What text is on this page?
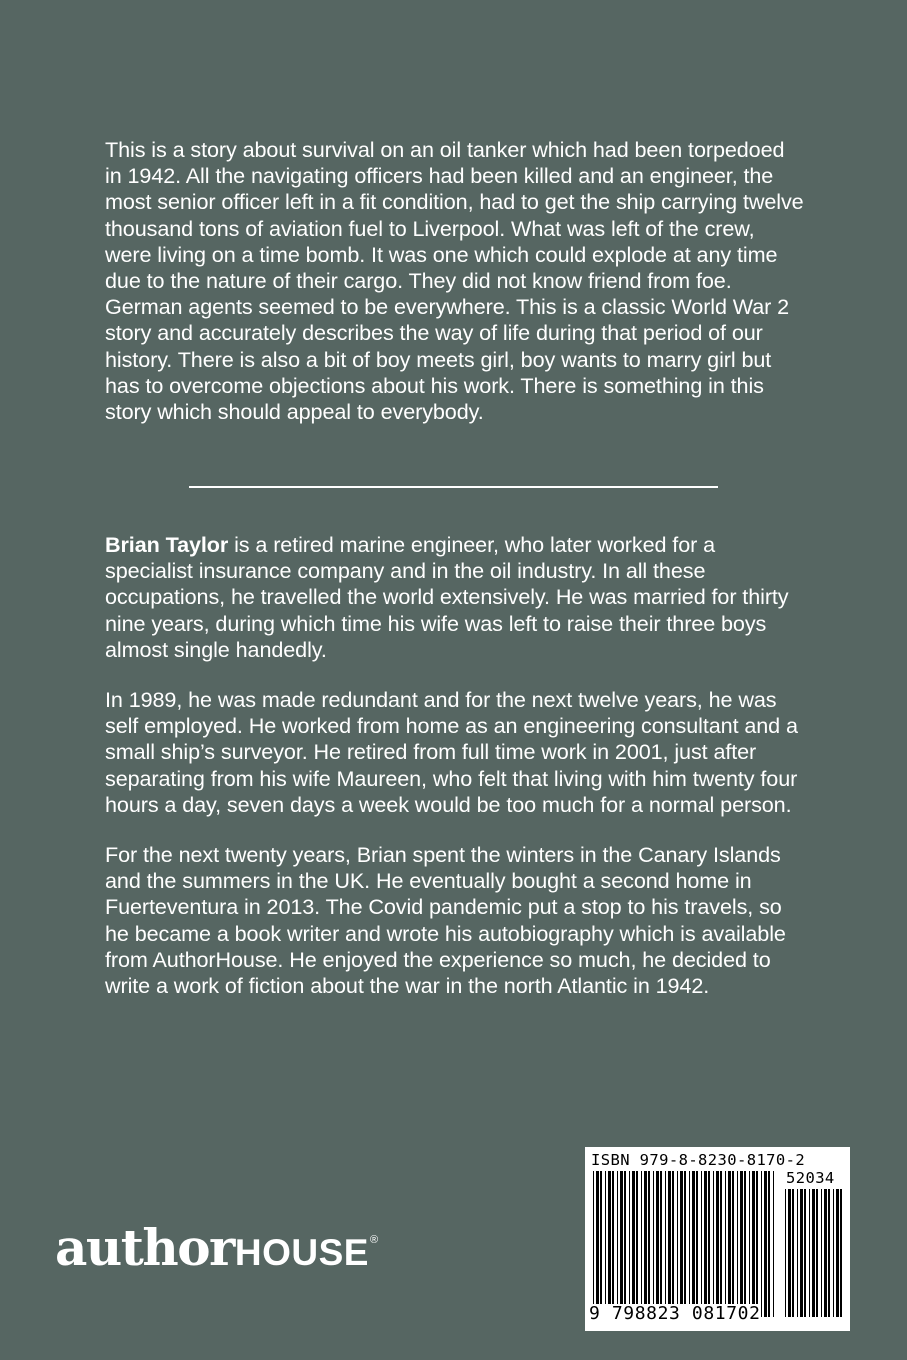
This is a story about survival on an oil tanker which had been torpedoed in 1942. All the navigating officers had been killed and an engineer, the most senior officer left in a fit condition, had to get the ship carrying twelve thousand tons of aviation fuel to Liverpool. What was left of the crew, were living on a time bomb. It was one which could explode at any time due to the nature of their cargo. They did not know friend from foe. German agents seemed to be everywhere. This is a classic World War 2 story and accurately describes the way of life during that period of our history. There is also a bit of boy meets girl, boy wants to marry girl but has to overcome objections about his work. There is something in this story which should appeal to everybody.

Brian Taylor is a retired marine engineer, who later worked for a specialist insurance company and in the oil industry. In all these occupations, he travelled the world extensively. He was married for thirty nine years, during which time his wife was left to raise their three boys almost single handedly.

In 1989, he was made redundant and for the next twelve years, he was self employed. He worked from home as an engineering consultant and a small ship’s surveyor. He retired from full time work in 2001, just after separating from his wife Maureen, who felt that living with him twenty four hours a day, seven days a week would be too much for a normal person.

For the next twenty years, Brian spent the winters in the Canary Islands and the summers in the UK. He eventually bought a second home in Fuerteventura in 2013. The Covid pandemic put a stop to his travels, so he became a book writer and wrote his autobiography which is available from AuthorHouse. He enjoyed the experience so much, he decided to write a work of fiction about the war in the north Atlantic in 1942.

author HOUSE ®
ISBN 979-8-8230-8170-2
52034
9 798823 081702
